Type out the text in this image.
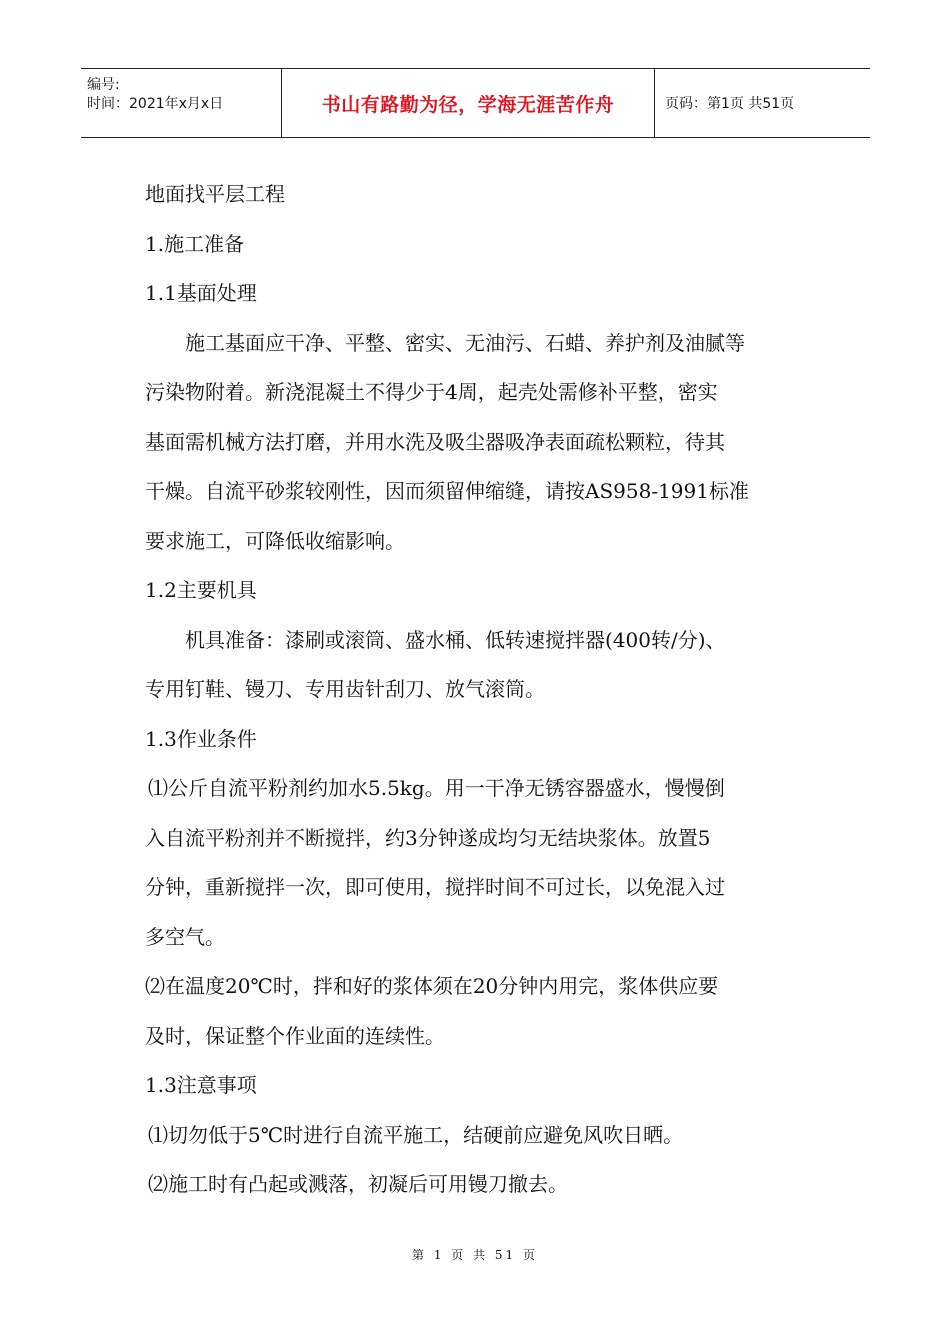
编号:
时间：2021年x月x日	书山有路勤为径，学海无涯苦作舟	页码：第1页 共51页

地面找平层工程

1.施工准备

1.1基面处理

施工基面应干净、平整、密实、无油污、石蜡、养护剂及油腻等

污染物附着。新浇混凝土不得少于4周，起壳处需修补平整，密实

基面需机械方法打磨，并用水洗及吸尘器吸净表面疏松颗粒，待其

干燥。自流平砂浆较刚性，因而须留伸缩缝，请按AS958-1991标准

要求施工，可降低收缩影响。

1.2主要机具

机具准备：漆刷或滚筒、盛水桶、低转速搅拌器(400转/分)、

专用钉鞋、镘刀、专用齿针刮刀、放气滚筒。

1.3作业条件

⑴公斤自流平粉剂约加水5.5kg。用一干净无锈容器盛水，慢慢倒

入自流平粉剂并不断搅拌，约3分钟遂成均匀无结块浆体。放置5

分钟，重新搅拌一次，即可使用，搅拌时间不可过长，以免混入过

多空气。

⑵在温度20℃时，拌和好的浆体须在20分钟内用完，浆体供应要

及时，保证整个作业面的连续性。

1.3注意事项

⑴切勿低于5℃时进行自流平施工，结硬前应避免风吹日晒。

⑵施工时有凸起或溅落，初凝后可用镘刀撤去。

第 1 页 共 51 页
